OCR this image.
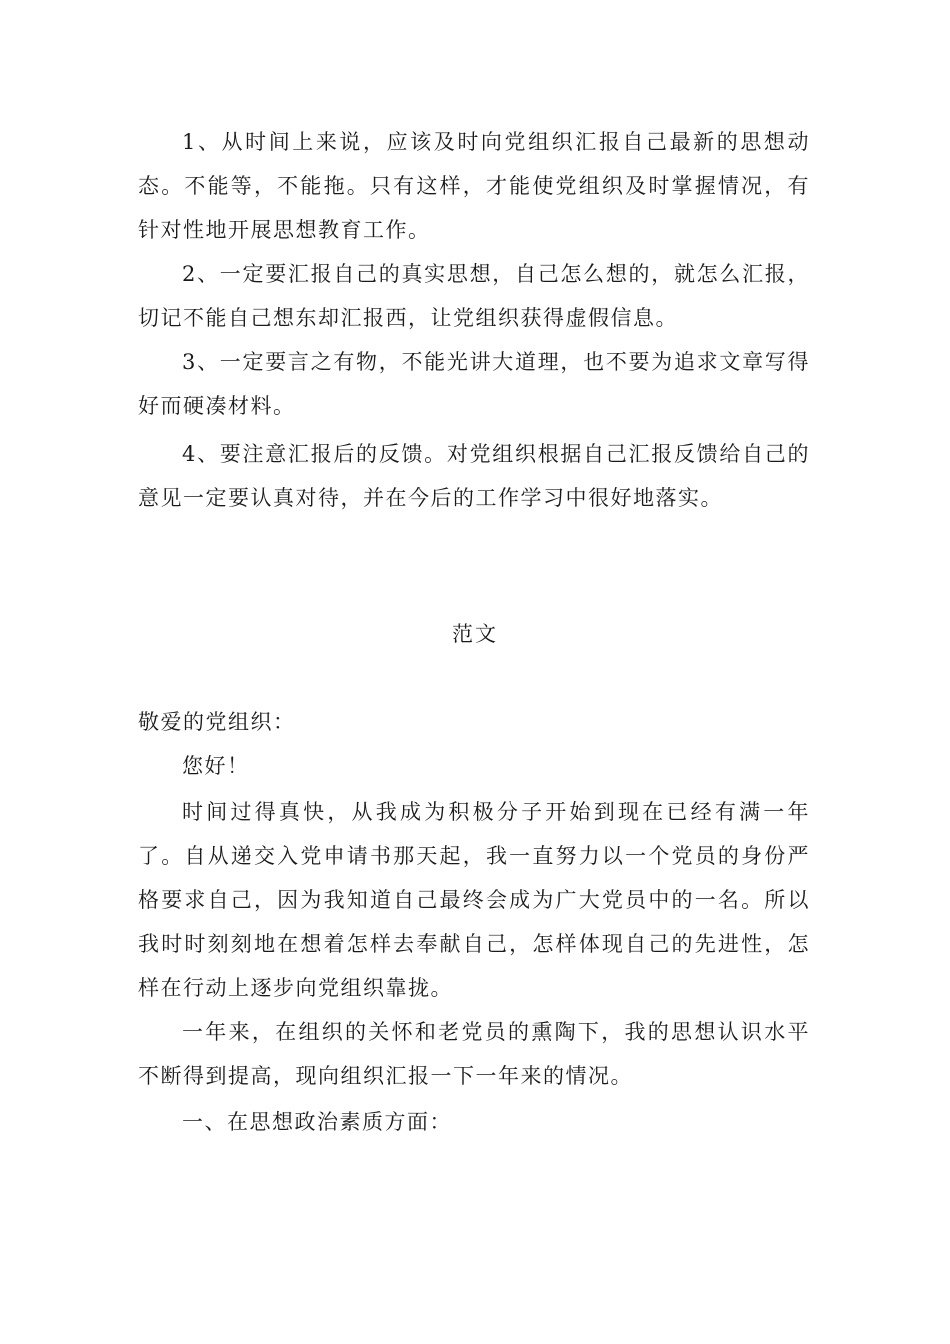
1、从时间上来说，应该及时向党组织汇报自己最新的思想动态。不能等，不能拖。只有这样，才能使党组织及时掌握情况，有针对性地开展思想教育工作。

2、一定要汇报自己的真实思想，自己怎么想的，就怎么汇报，切记不能自己想东却汇报西，让党组织获得虚假信息。

3、一定要言之有物，不能光讲大道理，也不要为追求文章写得好而硬凑材料。

4、要注意汇报后的反馈。对党组织根据自己汇报反馈给自己的意见一定要认真对待，并在今后的工作学习中很好地落实。

范文

敬爱的党组织：

您好！

时间过得真快，从我成为积极分子开始到现在已经有满一年了。自从递交入党申请书那天起，我一直努力以一个党员的身份严格要求自己，因为我知道自己最终会成为广大党员中的一名。所以我时时刻刻地在想着怎样去奉献自己，怎样体现自己的先进性，怎样在行动上逐步向党组织靠拢。

一年来，在组织的关怀和老党员的熏陶下，我的思想认识水平不断得到提高，现向组织汇报一下一年来的情况。

一、在思想政治素质方面：
